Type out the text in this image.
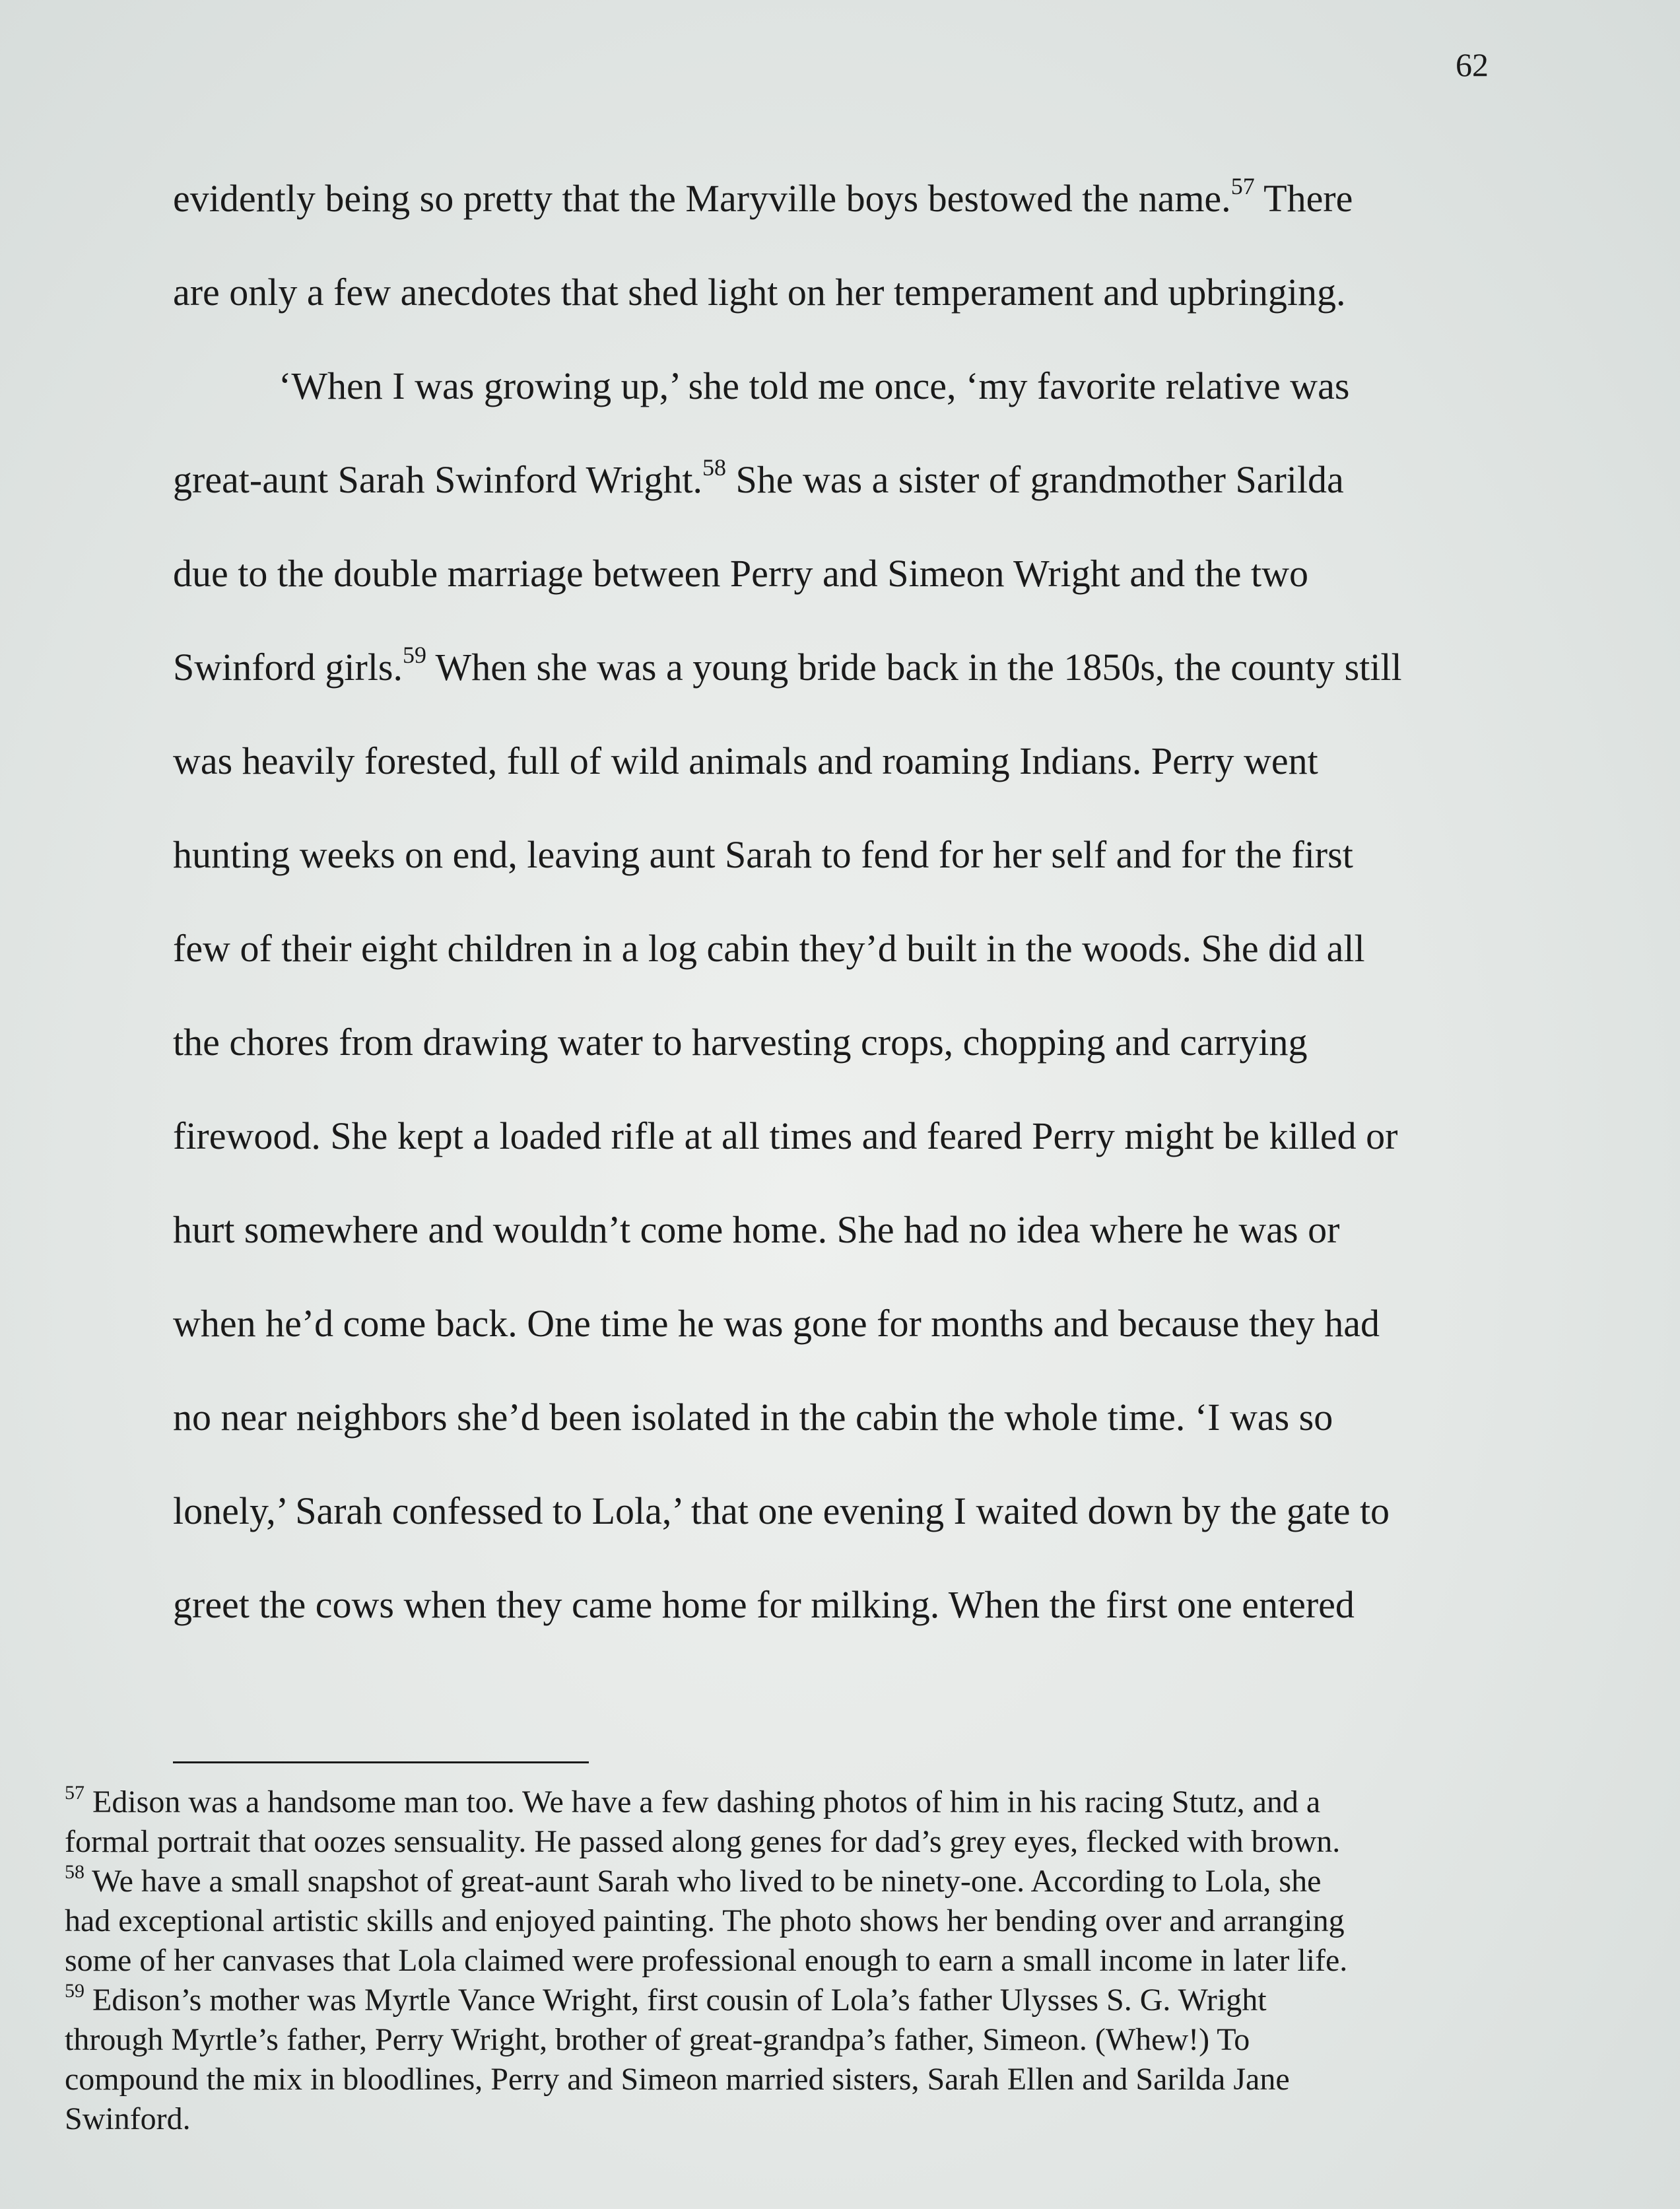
62
evidently being so pretty that the Maryville boys bestowed the name.$^{57}$ There
are only a few anecdotes that shed light on her temperament and upbringing.
‘When I was growing up,’ she told me once, ‘my favorite relative was
great-aunt Sarah Swinford Wright.$^{58}$ She was a sister of grandmother Sarilda
due to the double marriage between Perry and Simeon Wright and the two
Swinford girls.$^{59}$ When she was a young bride back in the 1850s, the county still
was heavily forested, full of wild animals and roaming Indians. Perry went
hunting weeks on end, leaving aunt Sarah to fend for her self and for the first
few of their eight children in a log cabin they’d built in the woods. She did all
the chores from drawing water to harvesting crops, chopping and carrying
firewood. She kept a loaded rifle at all times and feared Perry might be killed or
hurt somewhere and wouldn’t come home. She had no idea where he was or
when he’d come back. One time he was gone for months and because they had
no near neighbors she’d been isolated in the cabin the whole time. ‘I was so
lonely,’ Sarah confessed to Lola,’ that one evening I waited down by the gate to
greet the cows when they came home for milking. When the first one entered
$^{57}$ Edison was a handsome man too. We have a few dashing photos of him in his racing Stutz, and a
formal portrait that oozes sensuality. He passed along genes for dad’s grey eyes, flecked with brown.
$^{58}$ We have a small snapshot of great-aunt Sarah who lived to be ninety-one. According to Lola, she
had exceptional artistic skills and enjoyed painting. The photo shows her bending over and arranging
some of her canvases that Lola claimed were professional enough to earn a small income in later life.
$^{59}$ Edison’s mother was Myrtle Vance Wright, first cousin of Lola’s father Ulysses S. G. Wright
through Myrtle’s father, Perry Wright, brother of great-grandpa’s father, Simeon. (Whew!) To
compound the mix in bloodlines, Perry and Simeon married sisters, Sarah Ellen and Sarilda Jane
Swinford.
